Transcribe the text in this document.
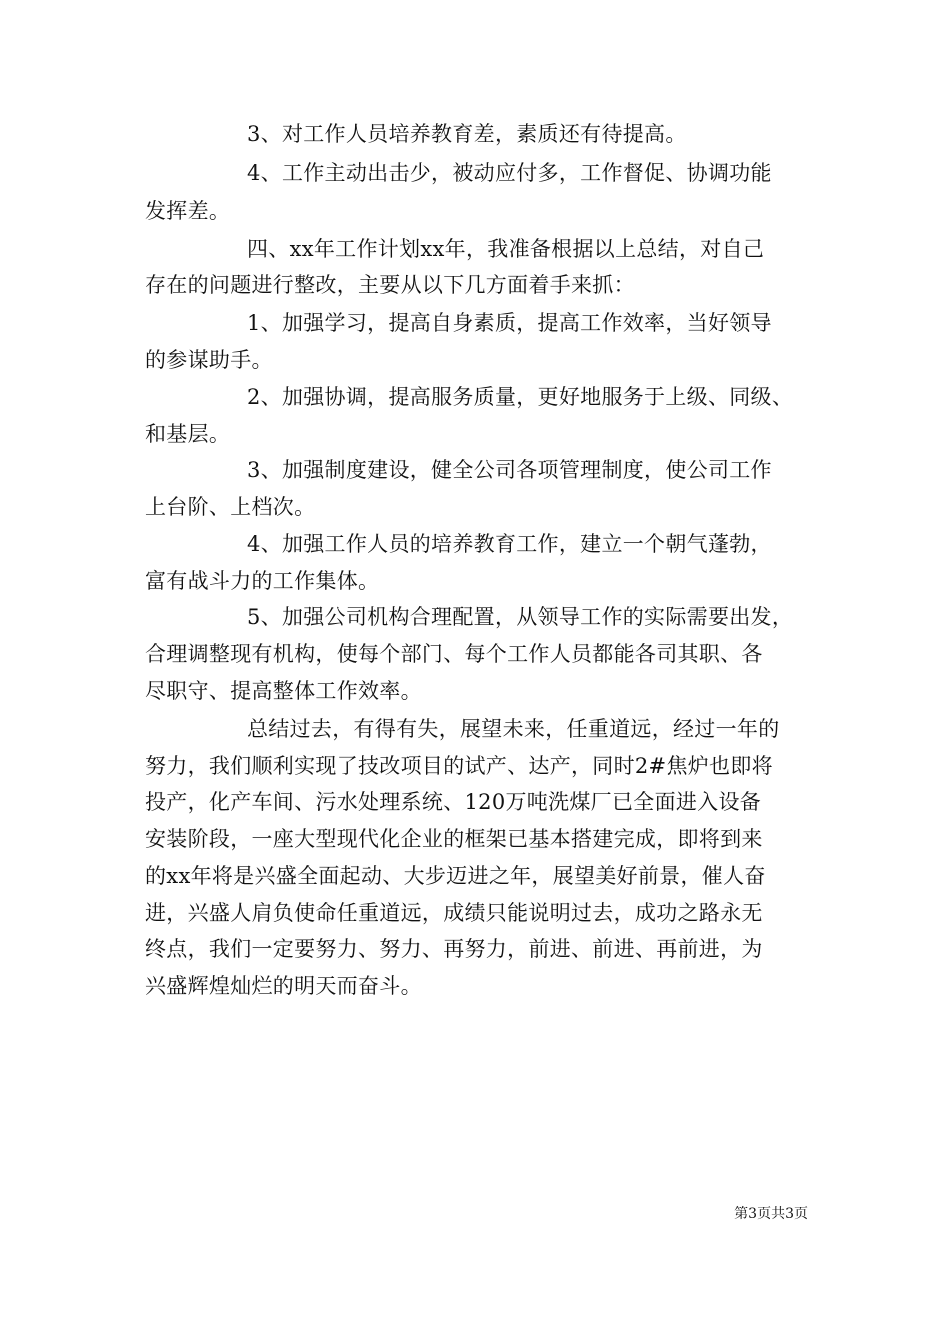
3、对工作人员培养教育差，素质还有待提高。
4、工作主动出击少，被动应付多，工作督促、协调功能
发挥差。
四、xx年工作计划xx年，我准备根据以上总结，对自己
存在的问题进行整改，主要从以下几方面着手来抓：
1、加强学习，提高自身素质，提高工作效率，当好领导
的参谋助手。
2、加强协调，提高服务质量，更好地服务于上级、同级、
和基层。
3、加强制度建设，健全公司各项管理制度，使公司工作
上台阶、上档次。
4、加强工作人员的培养教育工作，建立一个朝气蓬勃，
富有战斗力的工作集体。
5、加强公司机构合理配置，从领导工作的实际需要出发，
合理调整现有机构，使每个部门、每个工作人员都能各司其职、各
尽职守、提高整体工作效率。
总结过去，有得有失，展望未来，任重道远，经过一年的
努力，我们顺利实现了技改项目的试产、达产，同时2#焦炉也即将
投产，化产车间、污水处理系统、120万吨洗煤厂已全面进入设备
安装阶段，一座大型现代化企业的框架已基本搭建完成，即将到来
的xx年将是兴盛全面起动、大步迈进之年，展望美好前景，催人奋
进，兴盛人肩负使命任重道远，成绩只能说明过去，成功之路永无
终点，我们一定要努力、努力、再努力，前进、前进、再前进，为
兴盛辉煌灿烂的明天而奋斗。
第3页共3页
